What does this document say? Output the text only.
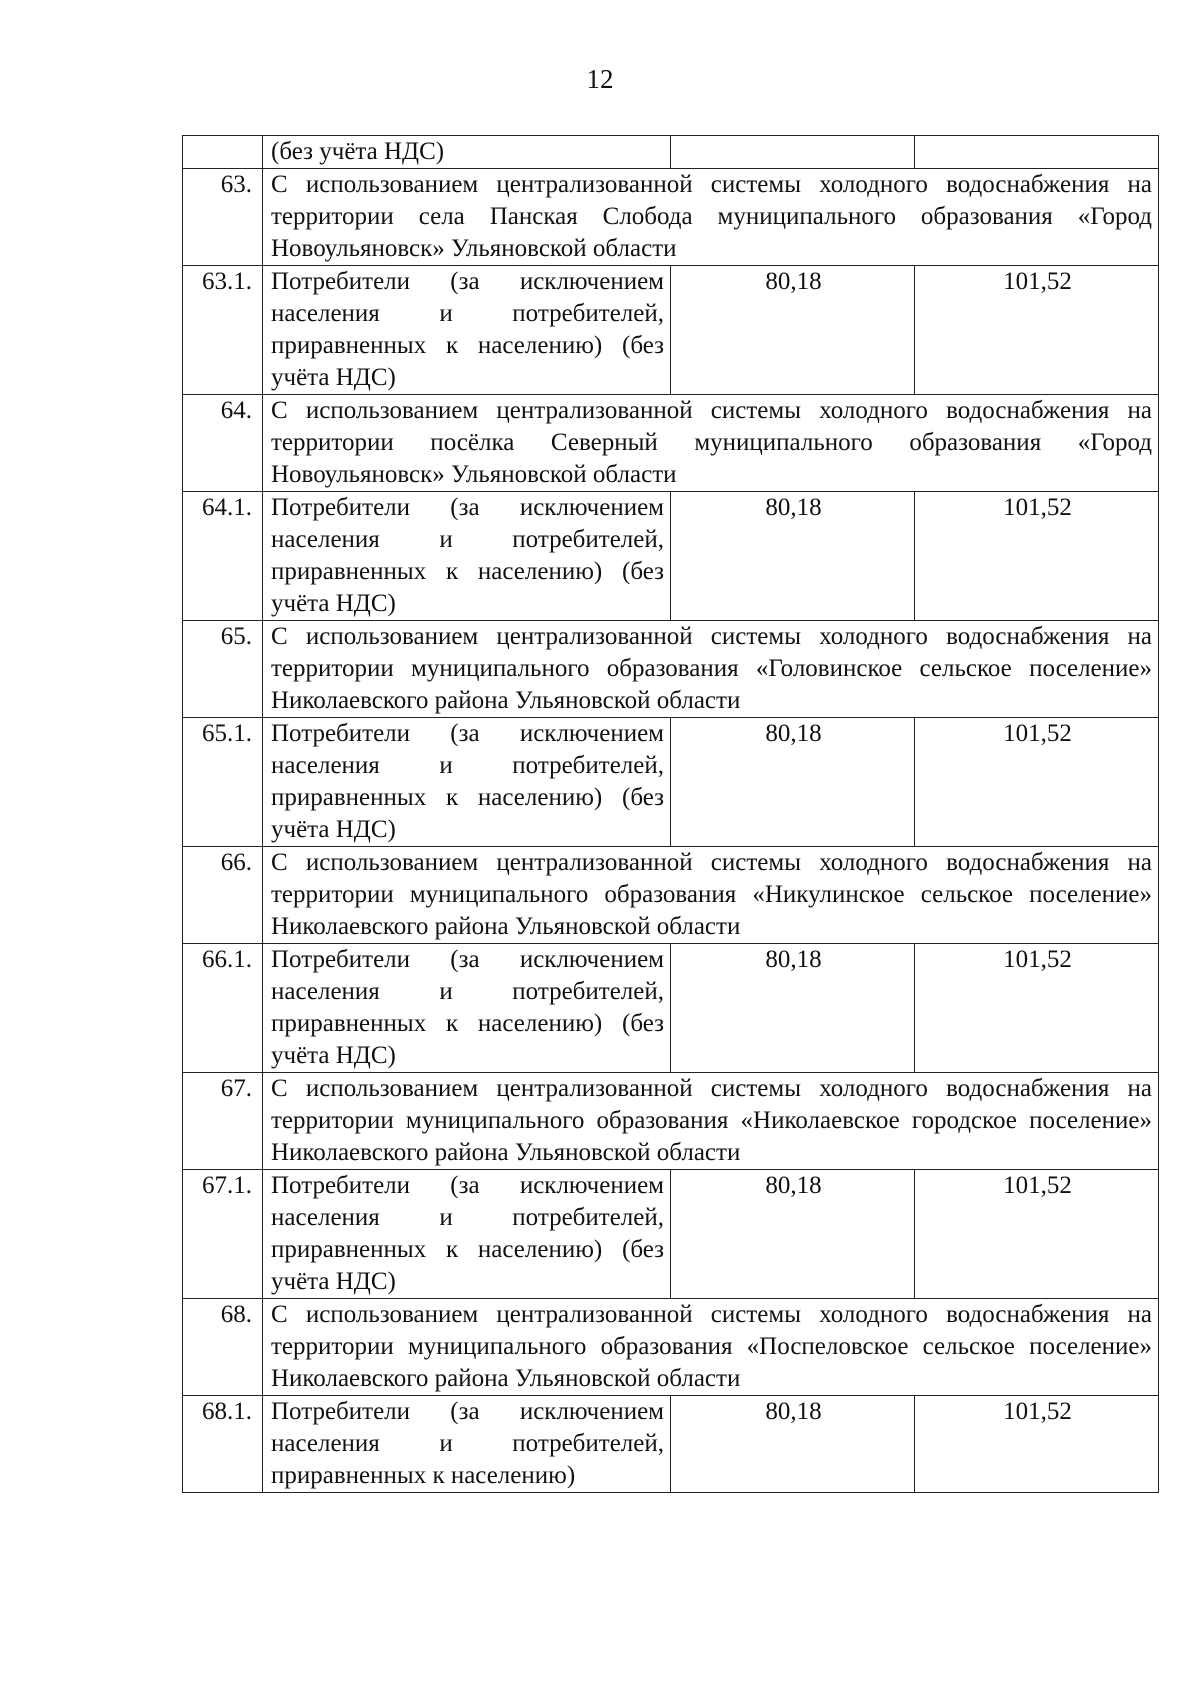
12
	(без учёта НДС)		
63.	С использованием централизованной системы холодного водоснабжения на территории села Панская Слобода муниципального образования «Город Новоульяновск» Ульяновской области		
63.1.	Потребители (за исключением населения и потребителей, приравненных к населению) (без учёта НДС)	80,18	101,52
64.	С использованием централизованной системы холодного водоснабжения на территории посёлка Северный муниципального образования «Город Новоульяновск» Ульяновской области		
64.1.	Потребители (за исключением населения и потребителей, приравненных к населению) (без учёта НДС)	80,18	101,52
65.	С использованием централизованной системы холодного водоснабжения на территории муниципального образования «Головинское сельское поселение» Николаевского района Ульяновской области		
65.1.	Потребители (за исключением населения и потребителей, приравненных к населению) (без учёта НДС)	80,18	101,52
66.	С использованием централизованной системы холодного водоснабжения на территории муниципального образования «Никулинское сельское поселение» Николаевского района Ульяновской области		
66.1.	Потребители (за исключением населения и потребителей, приравненных к населению) (без учёта НДС)	80,18	101,52
67.	С использованием централизованной системы холодного водоснабжения на территории муниципального образования «Николаевское городское поселение» Николаевского района Ульяновской области		
67.1.	Потребители (за исключением населения и потребителей, приравненных к населению) (без учёта НДС)	80,18	101,52
68.	С использованием централизованной системы холодного водоснабжения на территории муниципального образования «Поспеловское сельское поселение» Николаевского района Ульяновской области		
68.1.	Потребители (за исключением населения и потребителей, приравненных к населению)	80,18	101,52
